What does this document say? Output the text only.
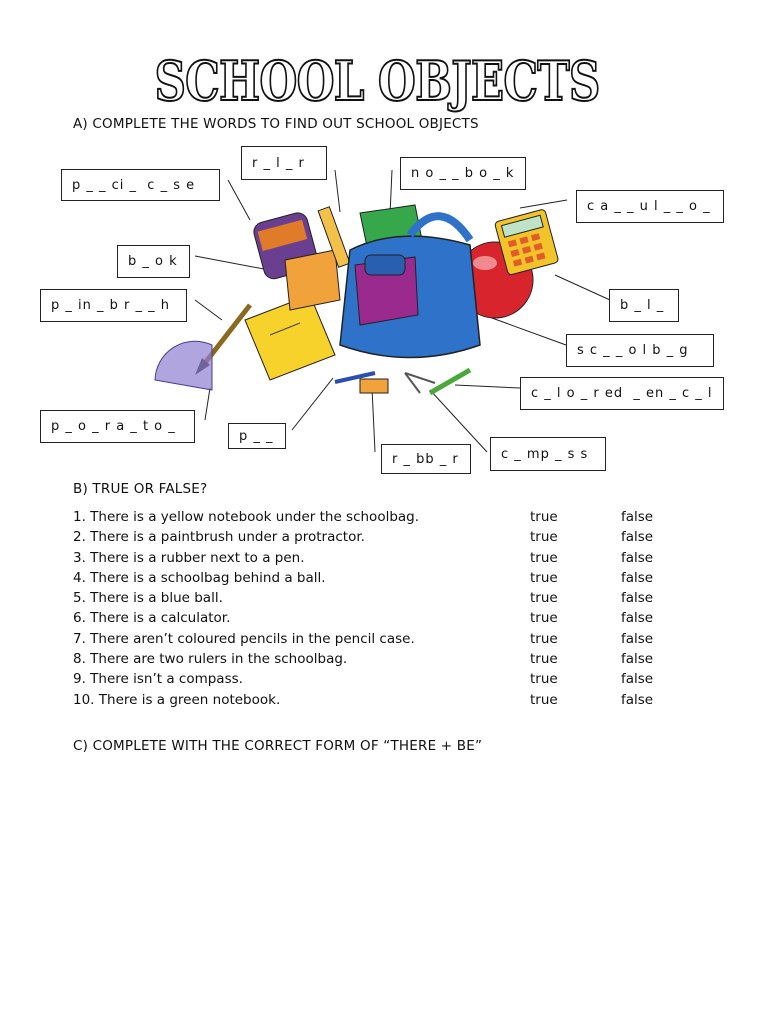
SCHOOL OBJECTS
A) COMPLETE THE WORDS TO FIND OUT SCHOOL OBJECTS
r _ l _ r
n o _ _ b o _ k
p _ _ ci _  c _ s e
c a _ _ u l _ _ o _
b _ o k
b _ l _
p _ in _ b r _ _ h
s c _ _ o l b _ g
c _ l o _ r ed  _ en _ c _ l
p _ o _ r a _ t o _
p _ _
r _ bb _ r	c _ mp _ s s
B) TRUE OR FALSE?
1. There is a yellow notebook under the schoolbag.	true	false
2. There is a paintbrush under a protractor.	true	false
3. There is a rubber next to a pen.	true	false
4. There is a schoolbag behind a ball.	true	false
5. There is a blue ball.	true	false
6. There is a calculator.	true	false
7. There aren’t coloured pencils in the pencil case.	true	false
8. There are two rulers in the schoolbag.	true	false
9. There isn’t a compass.	true	false
10. There is a green notebook.	true	false
C) COMPLETE WITH THE CORRECT FORM OF “THERE + BE”
